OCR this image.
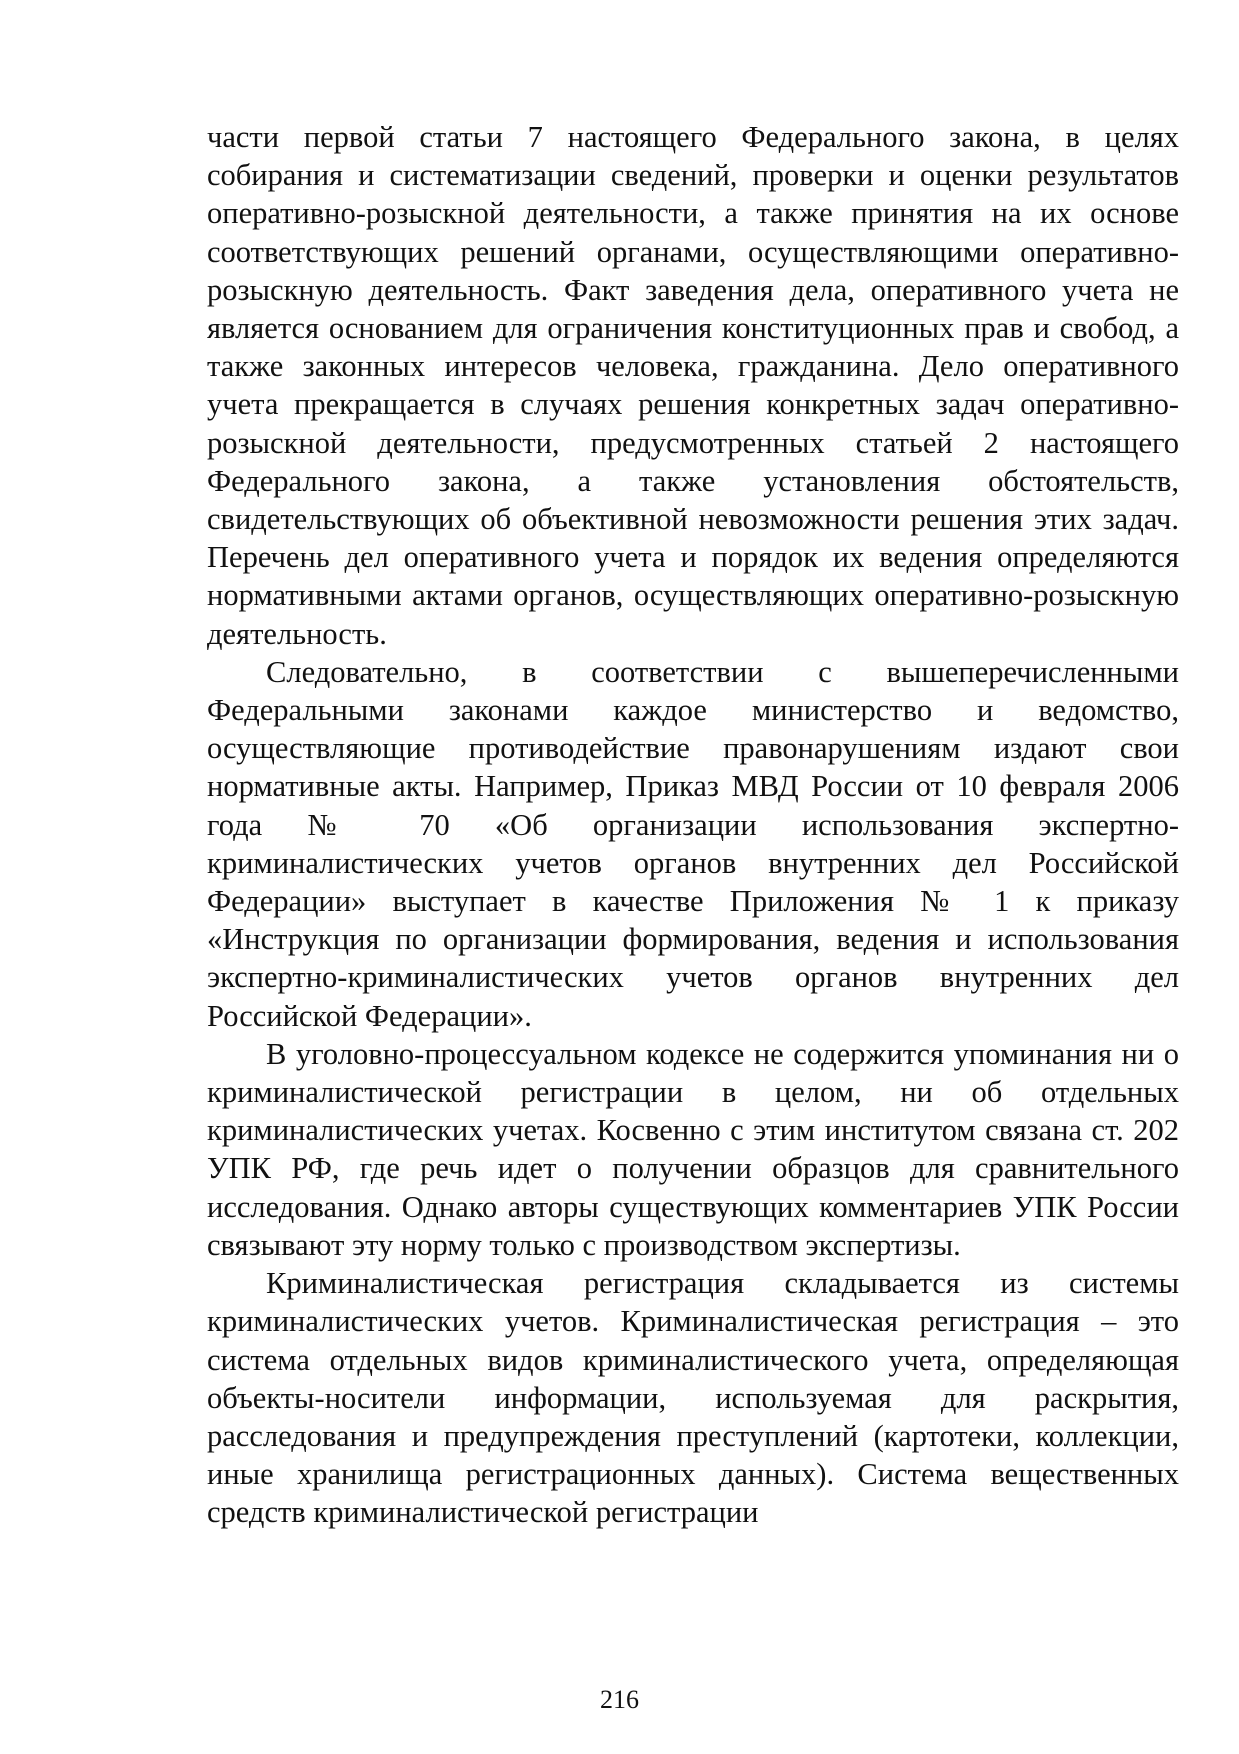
части первой статьи 7 настоящего Федерального закона, в целях собирания и систематизации сведений, проверки и оценки результатов оперативно-розыскной деятельности, а также принятия на их основе соответствующих решений органами, осуществляющими оперативно-розыскную деятельность. Факт заведения дела, оперативного учета не является основанием для ограничения конституционных прав и свобод, а также законных интересов человека, гражданина. Дело оперативного учета прекращается в случаях решения конкретных задач оперативно-розыскной деятельности, предусмотренных статьей 2 настоящего Федерального закона, а также установления обстоятельств, свидетельствующих об объективной невозможности решения этих задач. Перечень дел оперативного учета и порядок их ведения определяются нормативными актами органов, осуществляющих оперативно-розыскную деятельность.

Следовательно, в соответствии с вышеперечисленными Федеральными законами каждое министерство и ведомство, осуществляющие противодействие правонарушениям издают свои нормативные акты. Например, Приказ МВД России от 10 февраля 2006 года № 70 «Об организации использования экспертно-криминалистических учетов органов внутренних дел Российской Федерации» выступает в качестве Приложения № 1 к приказу «Инструкция по организации формирования, ведения и использования экспертно-криминалистических учетов органов внутренних дел Российской Федерации».

В уголовно-процессуальном кодексе не содержится упоминания ни о криминалистической регистрации в целом, ни об отдельных криминалистических учетах. Косвенно с этим институтом связана ст. 202 УПК РФ, где речь идет о получении образцов для сравнительного исследования. Однако авторы существующих комментариев УПК России связывают эту норму только с производством экспертизы.

Криминалистическая регистрация складывается из системы криминалистических учетов. Криминалистическая регистрация – это система отдельных видов криминалистического учета, определяющая объекты-носители информации, используемая для раскрытия, расследования и предупреждения преступлений (картотеки, коллекции, иные хранилища регистрационных данных). Система вещественных средств криминалистической регистрации

216
